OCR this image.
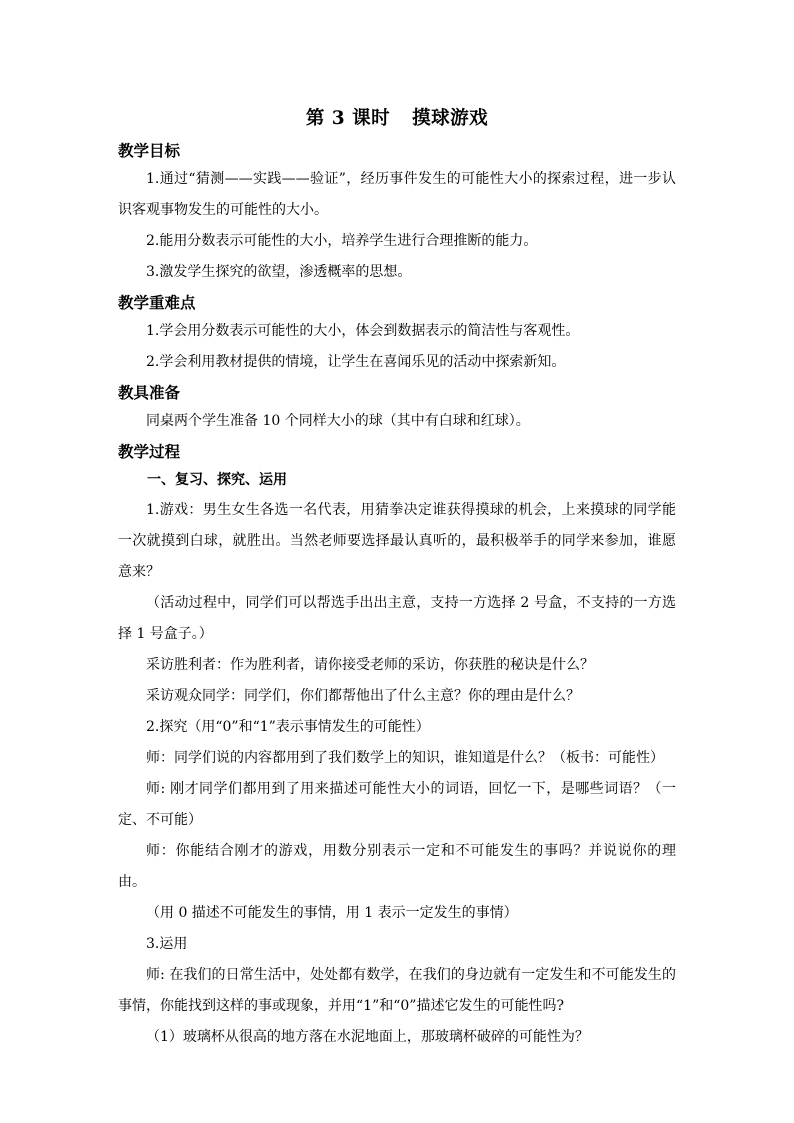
第 3 课时 摸球游戏
教学目标

1.通过“猜测——实践——验证”，经历事件发生的可能性大小的探索过程，进一步认识客观事物发生的可能性的大小。

2.能用分数表示可能性的大小，培养学生进行合理推断的能力。

3.激发学生探究的欲望，渗透概率的思想。

教学重难点

1.学会用分数表示可能性的大小，体会到数据表示的简洁性与客观性。

2.学会利用教材提供的情境，让学生在喜闻乐见的活动中探索新知。

教具准备

同桌两个学生准备 10 个同样大小的球（其中有白球和红球）。

教学过程
一、复习、探究、运用

1.游戏：男生女生各选一名代表，用猜拳决定谁获得摸球的机会，上来摸球的同学能一次就摸到白球，就胜出。当然老师要选择最认真听的，最积极举手的同学来参加，谁愿意来？

（活动过程中，同学们可以帮选手出出主意，支持一方选择 2 号盒，不支持的一方选择 1 号盒子。）

采访胜利者：作为胜利者，请你接受老师的采访，你获胜的秘诀是什么？

采访观众同学：同学们，你们都帮他出了什么主意？你的理由是什么？

2.探究（用“0”和“1”表示事情发生的可能性）

师：同学们说的内容都用到了我们数学上的知识，谁知道是什么？（板书：可能性）

师: 刚才同学们都用到了用来描述可能性大小的词语，回忆一下，是哪些词语？（一定、不可能）

师：你能结合刚才的游戏，用数分别表示一定和不可能发生的事吗？并说说你的理由。

（用 0 描述不可能发生的事情，用 1 表示一定发生的事情）

3.运用

师: 在我们的日常生活中，处处都有数学，在我们的身边就有一定发生和不可能发生的事情，你能找到这样的事或现象，并用“1”和“0”描述它发生的可能性吗?

（1）玻璃杯从很高的地方落在水泥地面上，那玻璃杯破碎的可能性为？
